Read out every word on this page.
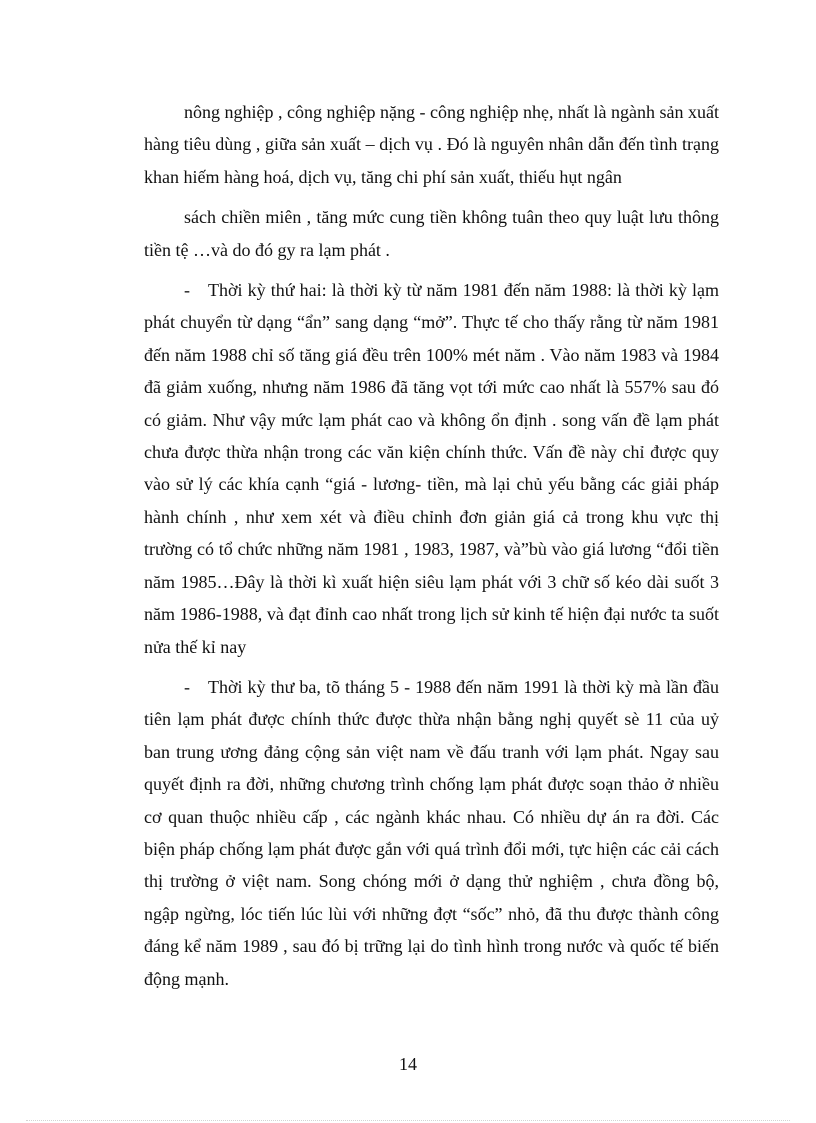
nông nghiệp , công nghiệp nặng - công nghiệp nhẹ, nhất là ngành sản xuất hàng tiêu dùng , giữa sản xuất – dịch vụ . Đó là nguyên nhân dẫn đến tình trạng khan hiếm hàng hoá, dịch vụ, tăng chi phí sản xuất, thiếu hụt ngân

sách chiền miên , tăng mức cung tiền không tuân theo quy luật lưu thông tiền tệ …và do đó gy ra lạm phát .

- Thời kỳ thứ hai: là thời kỳ từ năm 1981 đến năm 1988: là thời kỳ lạm phát chuyển từ dạng “ẩn” sang dạng “mở”. Thực tế cho thấy rằng từ năm 1981 đến năm 1988 chỉ số tăng giá đều trên 100% mét năm . Vào năm 1983 và 1984 đã giảm xuống, nhưng năm 1986 đã tăng vọt tới mức cao nhất là 557% sau đó có giảm. Như vậy mức lạm phát cao và không ổn định . song vấn đề lạm phát chưa được thừa nhận trong các văn kiện chính thức. Vấn đề này chỉ được quy vào sử lý các khía cạnh “giá - lương- tiền, mà lại chủ yếu bằng các giải pháp hành chính , như xem xét và điều chỉnh đơn giản giá cả trong khu vực thị trường có tổ chức những năm 1981 , 1983, 1987, và”bù vào giá lương “đổi tiền năm 1985…Đây là thời kì xuất hiện siêu lạm phát với 3 chữ số kéo dài suốt 3 năm 1986-1988, và đạt đỉnh cao nhất trong lịch sử kinh tế hiện đại nước ta suốt nửa thế kỉ nay

- Thời kỳ thư ba, tõ tháng 5 - 1988 đến năm 1991 là thời kỳ mà lần đầu tiên lạm phát được chính thức được thừa nhận bằng nghị quyết sè 11 của uỷ ban trung ương đảng cộng sản việt nam về đấu tranh với lạm phát. Ngay sau quyết định ra đời, những chương trình chống lạm phát được soạn thảo ở nhiều cơ quan thuộc nhiều cấp , các ngành khác nhau. Có nhiều dự án ra đời. Các biện pháp chống lạm phát được gắn với quá trình đổi mới, tực hiện các cải cách thị trường ở việt nam. Song chóng mới ở dạng thử nghiệm , chưa đồng bộ, ngập ngừng, lóc tiến lúc lùi với những đợt “sốc” nhỏ, đã thu được thành công đáng kể năm 1989 , sau đó bị trững lại do tình hình trong nước và quốc tế biến động mạnh.

14
